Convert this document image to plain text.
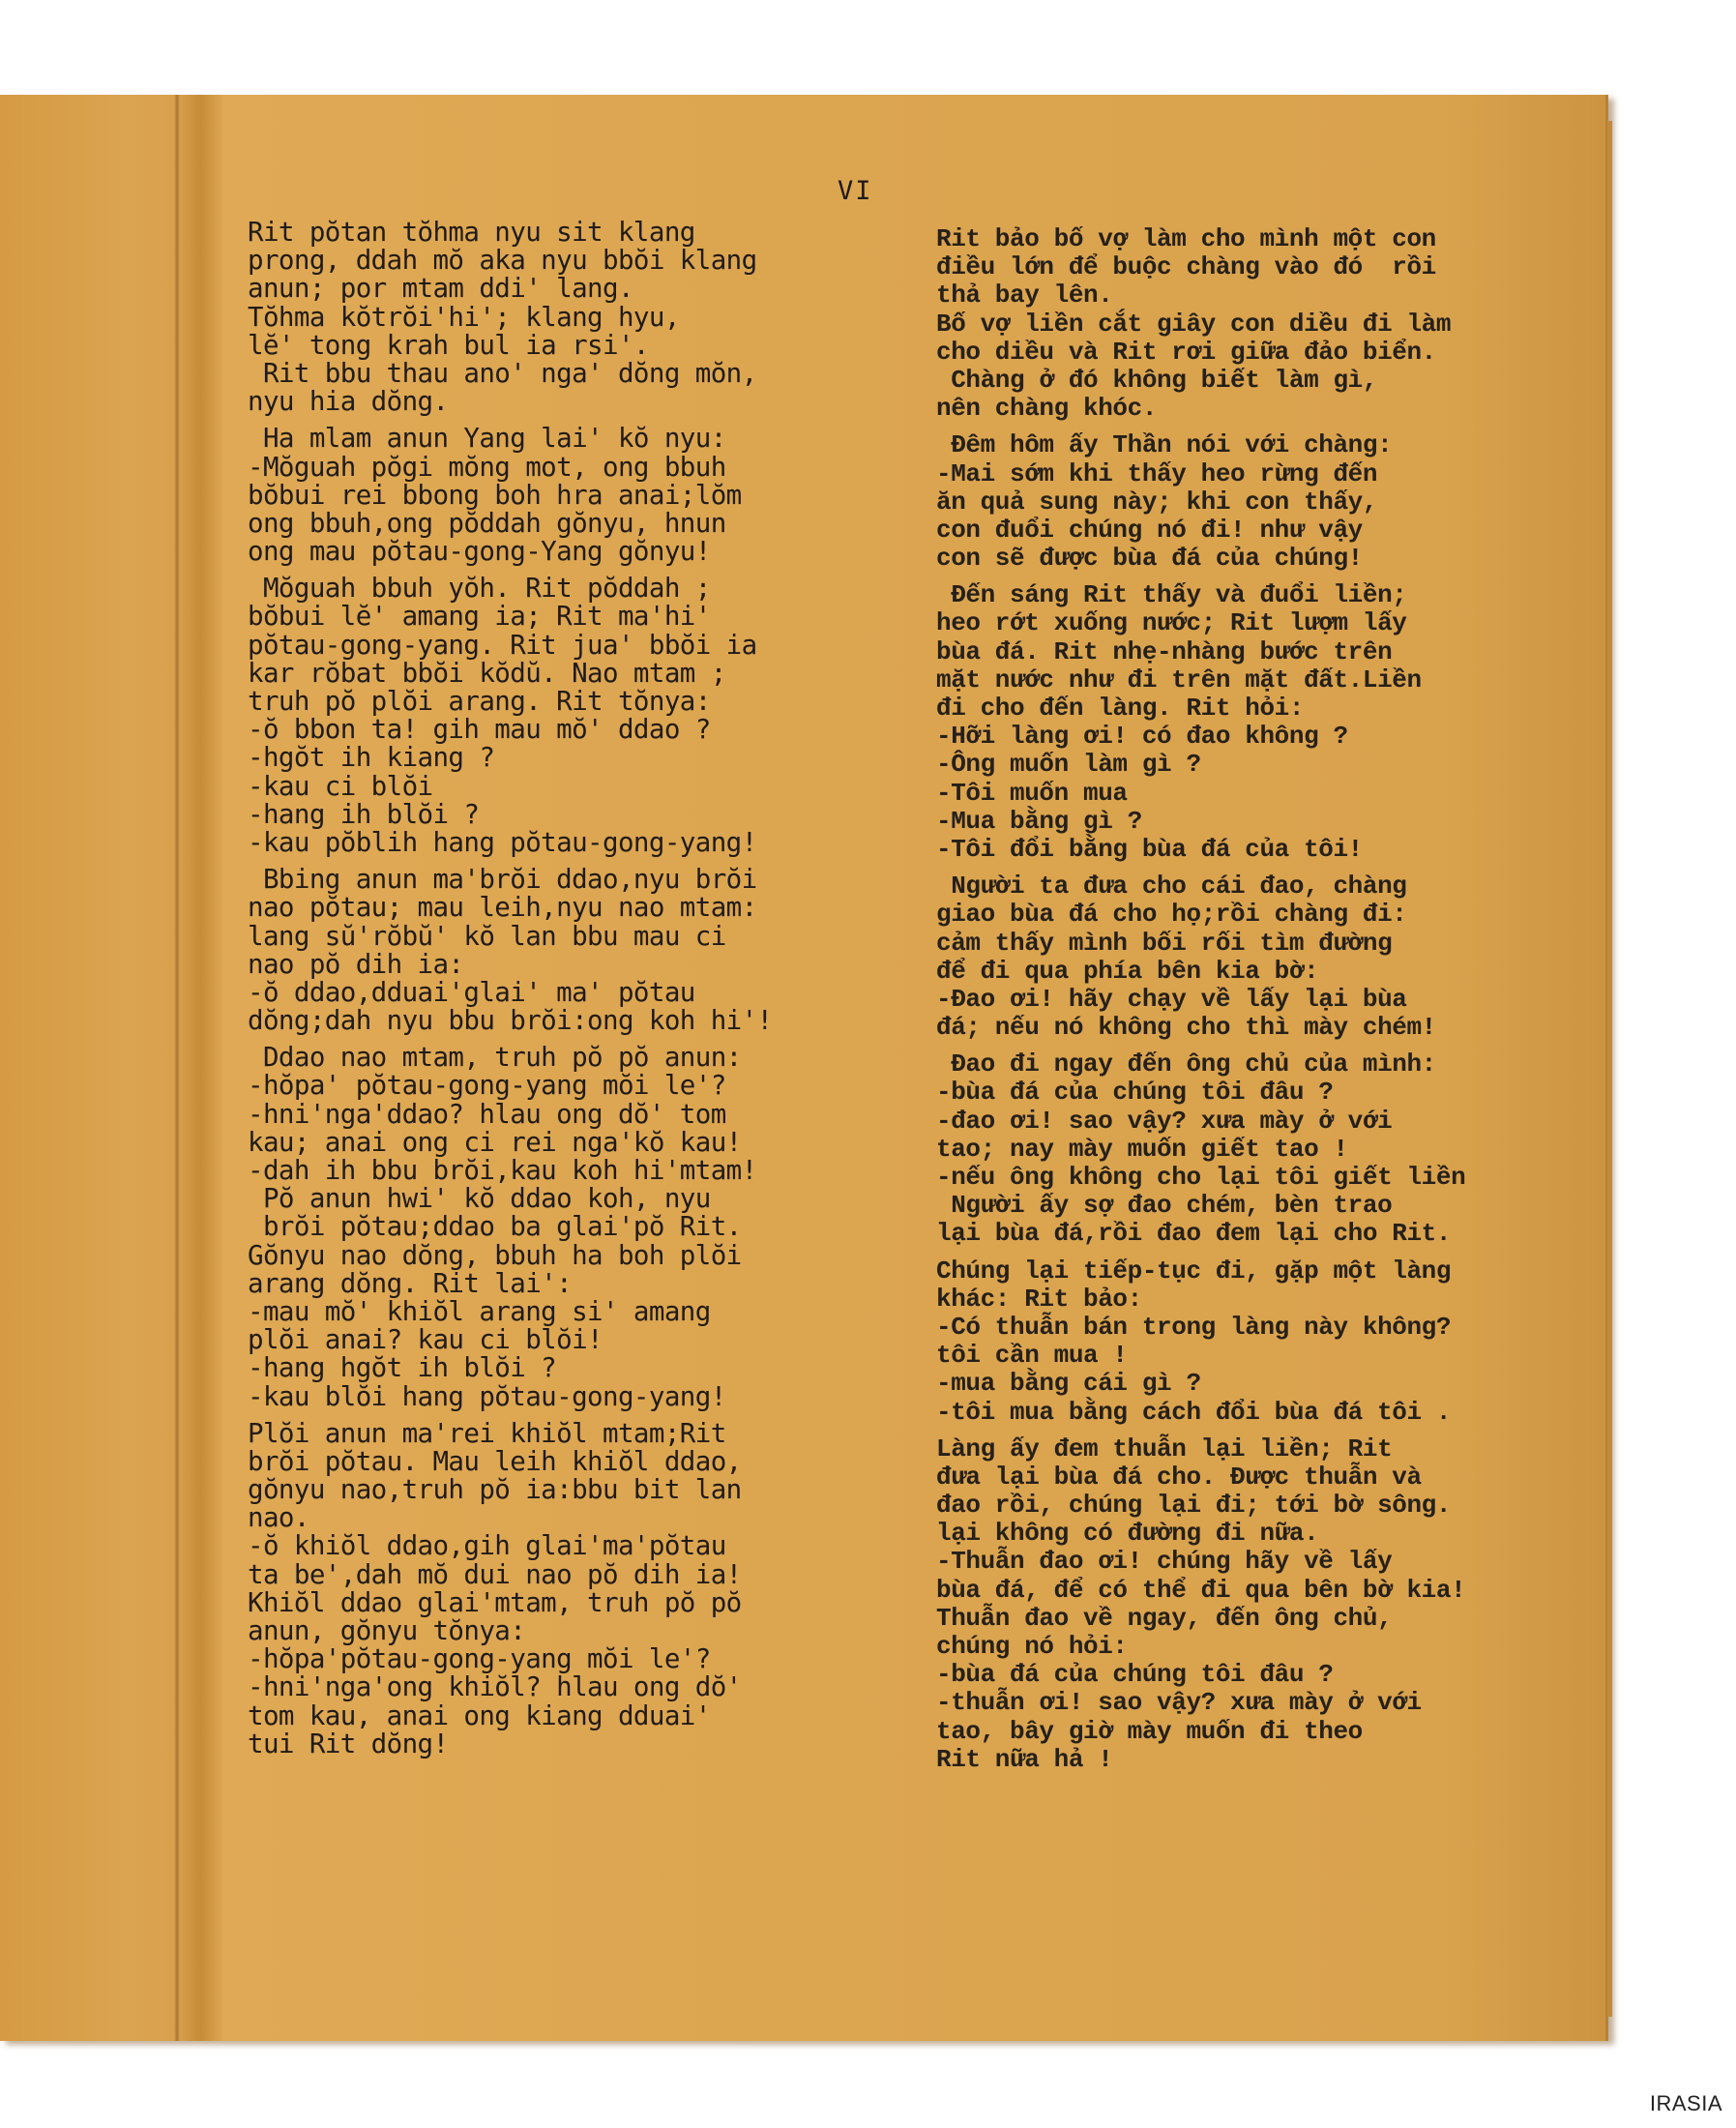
VI
Rit pŏtan tŏhma nyu sit klang
prong, ddah mŏ aka nyu bbŏi klang
anun; por mtam ddi' lang.
Tŏhma kŏtrŏi'hi'; klang hyu,
lĕ' tong krah bul ia rsi'.
Rit bbu thau ano' nga' dŏng mŏn,
nyu hia dŏng.
Ha mlam anun Yang lai' kŏ nyu:
-Mŏguah pŏgi mŏng mot, ong bbuh
bŏbui rei bbong boh hra anai;lŏm
ong bbuh,ong pŏddah gŏnyu, hnun
ong mau pŏtau-gong-Yang gŏnyu!
Mŏguah bbuh yŏh. Rit pŏddah ;
bŏbui lĕ' amang ia; Rit ma'hi'
pŏtau-gong-yang. Rit jua' bbŏi ia
kar rŏbat bbŏi kŏdŭ. Nao mtam ;
truh pŏ plŏi arang. Rit tŏnya:
-ŏ bbon ta! gih mau mŏ' ddao ?
-hgŏt ih kiang ?
-kau ci blŏi
-hang ih blŏi ?
-kau pŏblih hang pŏtau-gong-yang!
Bbing anun ma'brŏi ddao,nyu brŏi
nao pŏtau; mau leih,nyu nao mtam:
lang sŭ'rŏbŭ' kŏ lan bbu mau ci
nao pŏ dih ia:
-ŏ ddao,dduai'glai' ma' pŏtau
dŏng;dah nyu bbu brŏi:ong koh hi'!
Ddao nao mtam, truh pŏ pŏ anun:
-hŏpa' pŏtau-gong-yang mŏi le'?
-hni'nga'ddao? hlau ong dŏ' tom
kau; anai ong ci rei nga'kŏ kau!
-dah ih bbu brŏi,kau koh hi'mtam!
Pŏ anun hwi' kŏ ddao koh, nyu
brŏi pŏtau;ddao ba glai'pŏ Rit.
Gŏnyu nao dŏng, bbuh ha boh plŏi
arang dŏng. Rit lai':
-mau mŏ' khiŏl arang si' amang
plŏi anai? kau ci blŏi!
-hang hgŏt ih blŏi ?
-kau blŏi hang pŏtau-gong-yang!
Plŏi anun ma'rei khiŏl mtam;Rit
brŏi pŏtau. Mau leih khiŏl ddao,
gŏnyu nao,truh pŏ ia:bbu bit lan
nao.
-ŏ khiŏl ddao,gih glai'ma'pŏtau
ta be',dah mŏ dui nao pŏ dih ia!
Khiŏl ddao glai'mtam, truh pŏ pŏ
anun, gŏnyu tŏnya:
-hŏpa'pŏtau-gong-yang mŏi le'?
-hni'nga'ong khiŏl? hlau ong dŏ'
tom kau, anai ong kiang dduai'
tui Rit dŏng!
Rit bảo bố vợ làm cho mình một con
điều lớn để buộc chàng vào đó  rồi
thả bay lên.
Bố vợ liền cắt giây con diều đi làm
cho diều và Rit rơi giữa đảo biển.
Chàng ở đó không biết làm gì,
nên chàng khóc.
Đêm hôm ấy Thần nói với chàng:
-Mai sớm khi thấy heo rừng đến
ăn quả sung này; khi con thấy,
con đuổi chúng nó đi! như vậy
con sẽ được bùa đá của chúng!
Đến sáng Rit thấy và đuổi liền;
heo rớt xuống nước; Rit lượm lấy
bùa đá. Rit nhẹ-nhàng bước trên
mặt nước như đi trên mặt đất.Liền
đi cho đến làng. Rit hỏi:
-Hỡi làng ơi! có đao không ?
-Ông muốn làm gì ?
-Tôi muốn mua
-Mua bằng gì ?
-Tôi đổi bằng bùa đá của tôi!
Người ta đưa cho cái đao, chàng
giao bùa đá cho họ;rồi chàng đi:
cảm thấy mình bối rối tìm đường
để đi qua phía bên kia bờ:
-Đao ơi! hãy chạy về lấy lại bùa
đá; nếu nó không cho thì mày chém!
Đao đi ngay đến ông chủ của mình:
-bùa đá của chúng tôi đâu ?
-đao ơi! sao vậy? xưa mày ở với
tao; nay mày muốn giết tao !
-nếu ông không cho lại tôi giết liền
Người ấy sợ đao chém, bèn trao
lại bùa đá,rồi đao đem lại cho Rit.
Chúng lại tiếp-tục đi, gặp một làng
khác: Rit bảo:
-Có thuẫn bán trong làng này không?
tôi cần mua !
-mua bằng cái gì ?
-tôi mua bằng cách đổi bùa đá tôi .
Làng ấy đem thuẫn lại liền; Rit
đưa lại bùa đá cho. Được thuẫn và
đao rồi, chúng lại đi; tới bờ sông.
lại không có đường đi nữa.
-Thuẫn đao ơi! chúng hãy về lấy
bùa đá, để có thể đi qua bên bờ kia!
Thuẫn đao về ngay, đến ông chủ,
chúng nó hỏi:
-bùa đá của chúng tôi đâu ?
-thuẫn ơi! sao vậy? xưa mày ở với
tao, bây giờ mày muốn đi theo
Rit nữa hả !
IRASIA
